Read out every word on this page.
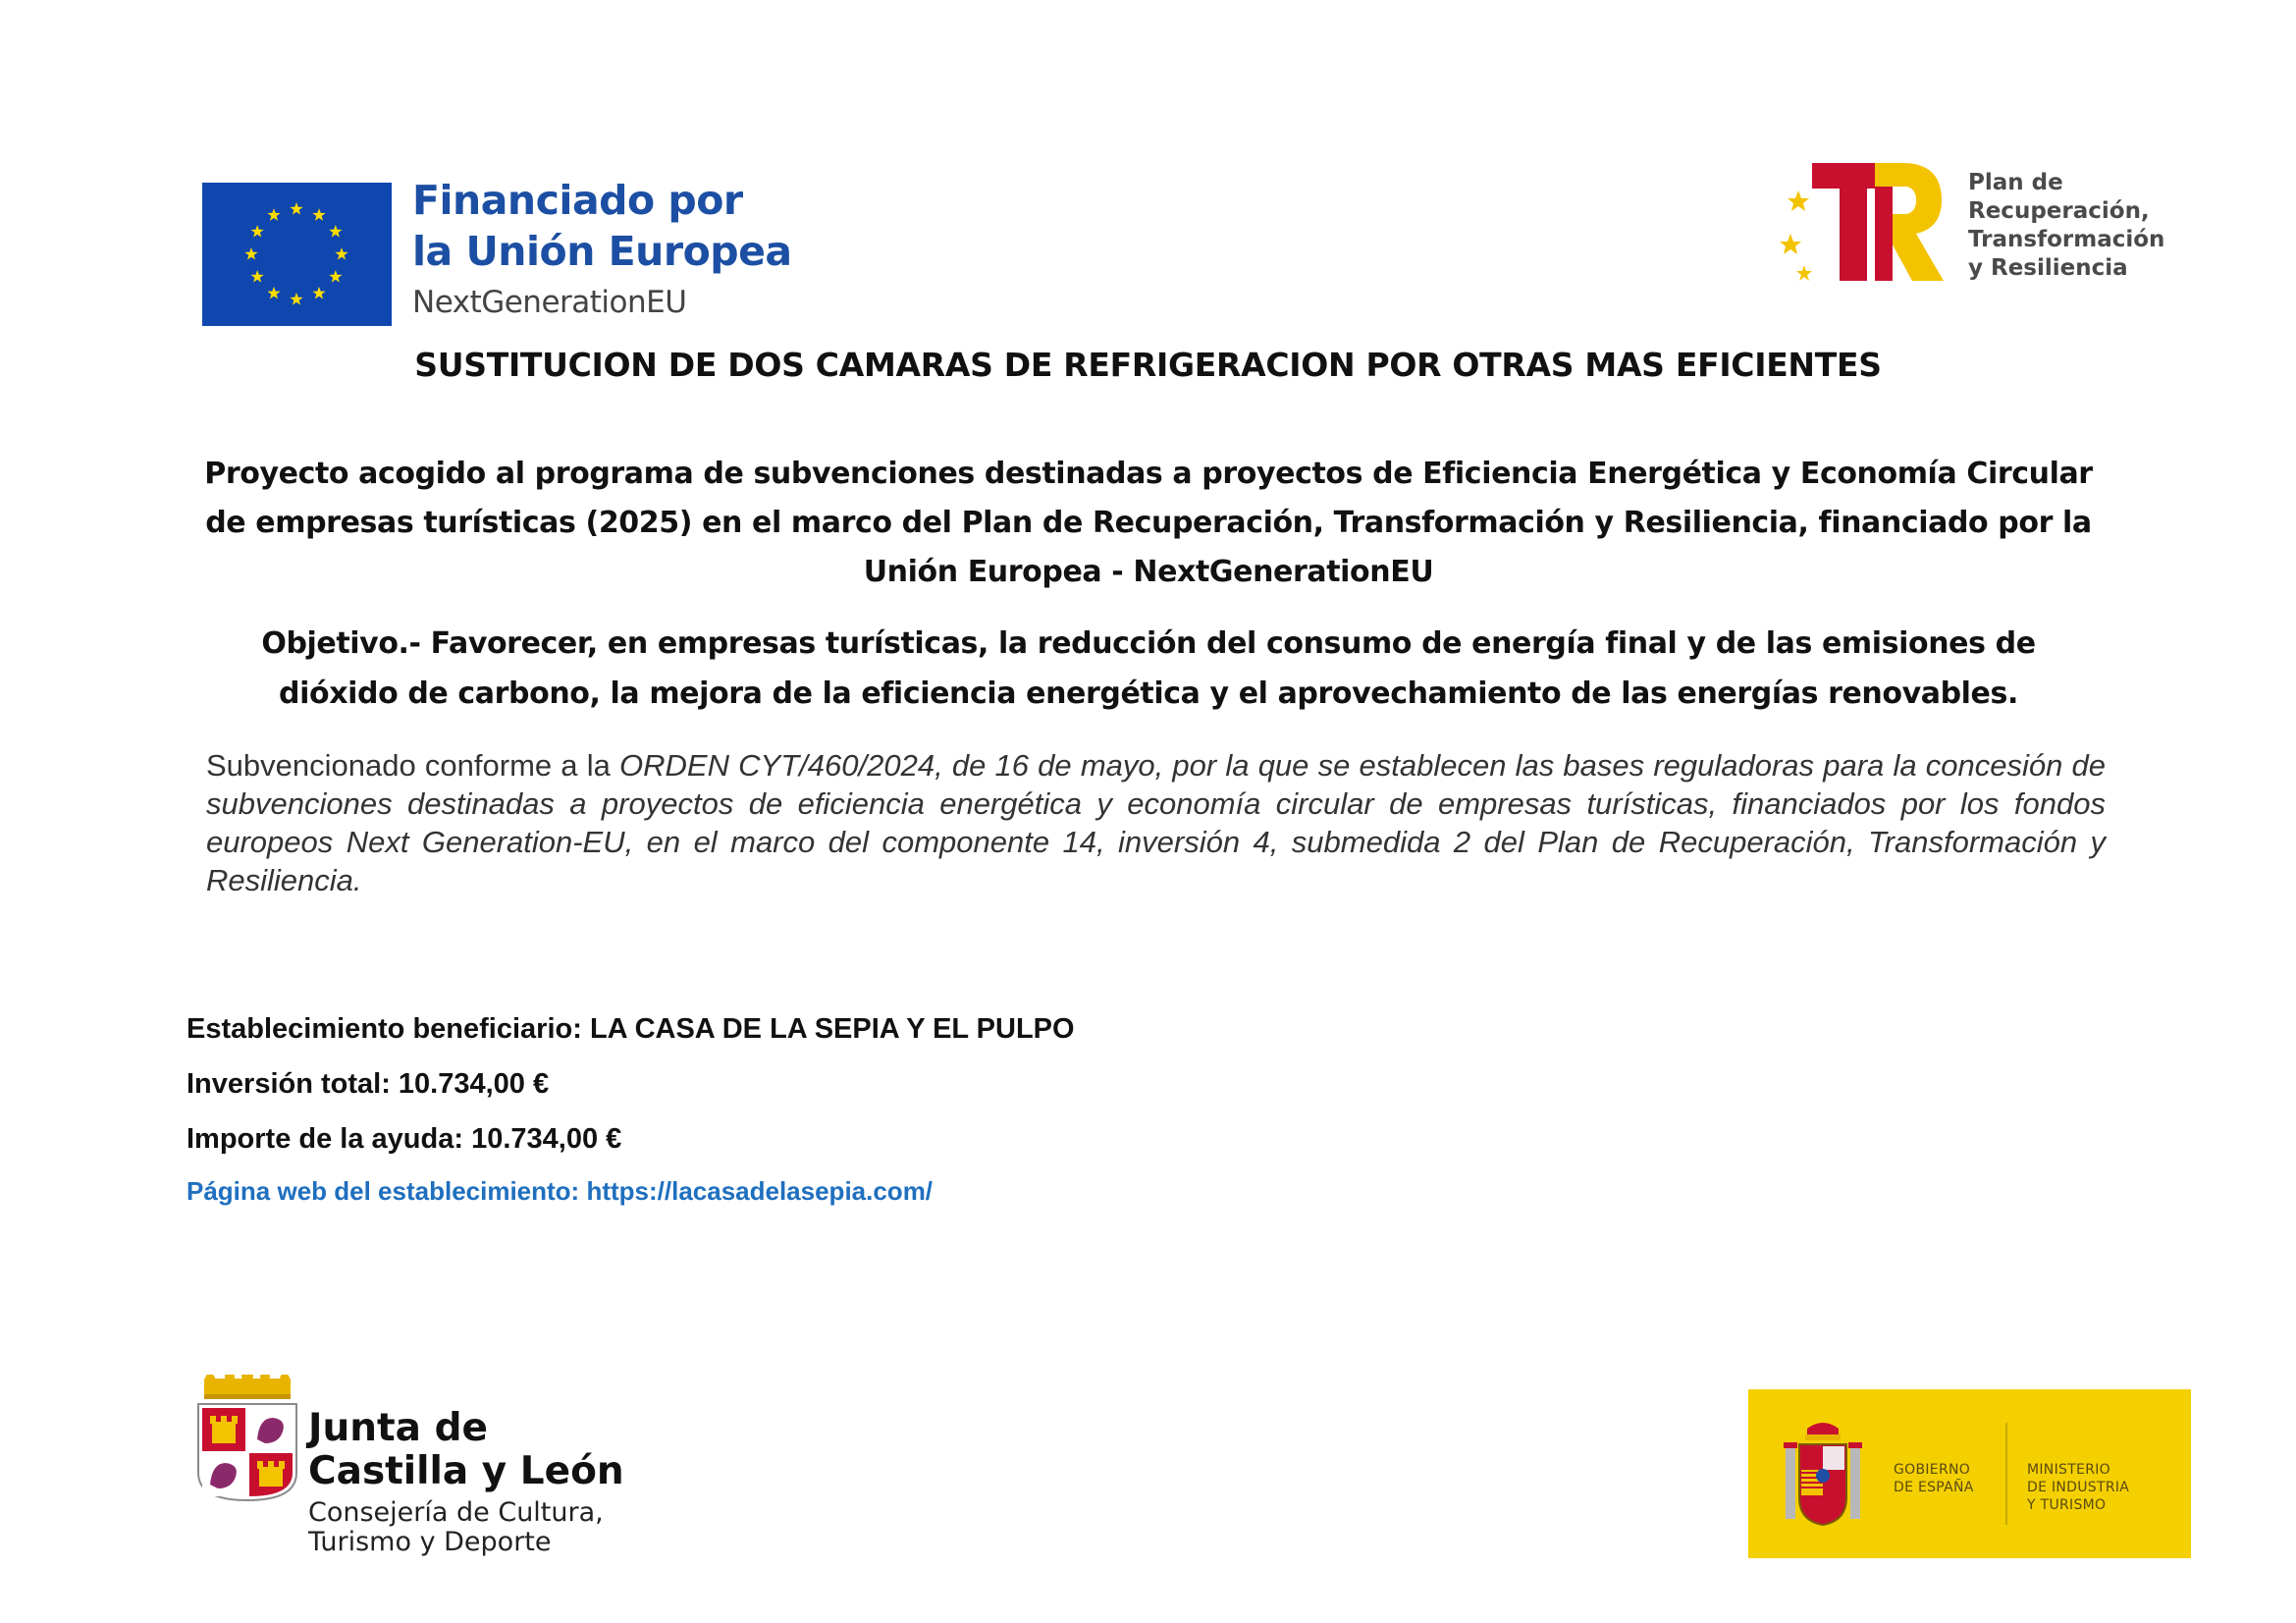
Financiado por
la Unión Europea
NextGenerationEU
Plan de
Recuperación,
Transformación
y Resiliencia
SUSTITUCION DE DOS CAMARAS DE REFRIGERACION POR OTRAS MAS EFICIENTES
Proyecto acogido al programa de subvenciones destinadas a proyectos de Eficiencia Energética y Economía Circular de empresas turísticas (2025) en el marco del Plan de Recuperación, Transformación y Resiliencia, financiado por la Unión Europea - NextGenerationEU
Objetivo.- Favorecer, en empresas turísticas, la reducción del consumo de energía final y de las emisiones de dióxido de carbono, la mejora de la eficiencia energética y el aprovechamiento de las energías renovables.
Subvencionado conforme a la ORDEN CYT/460/2024, de 16 de mayo, por la que se establecen las bases reguladoras para la concesión de subvenciones destinadas a proyectos de eficiencia energética y economía circular de empresas turísticas, financiados por los fondos europeos Next Generation-EU, en el marco del componente 14, inversión 4, submedida 2 del Plan de Recuperación, Transformación y Resiliencia.
Establecimiento beneficiario: LA CASA DE LA SEPIA Y EL PULPO
Inversión total: 10.734,00 €
Importe de la ayuda: 10.734,00 €
Página web del establecimiento: https://lacasadelasepia.com/
Junta de
Castilla y León
Consejería de Cultura,
Turismo y Deporte
GOBIERNO
DE ESPAÑA
MINISTERIO
DE INDUSTRIA
Y TURISMO
